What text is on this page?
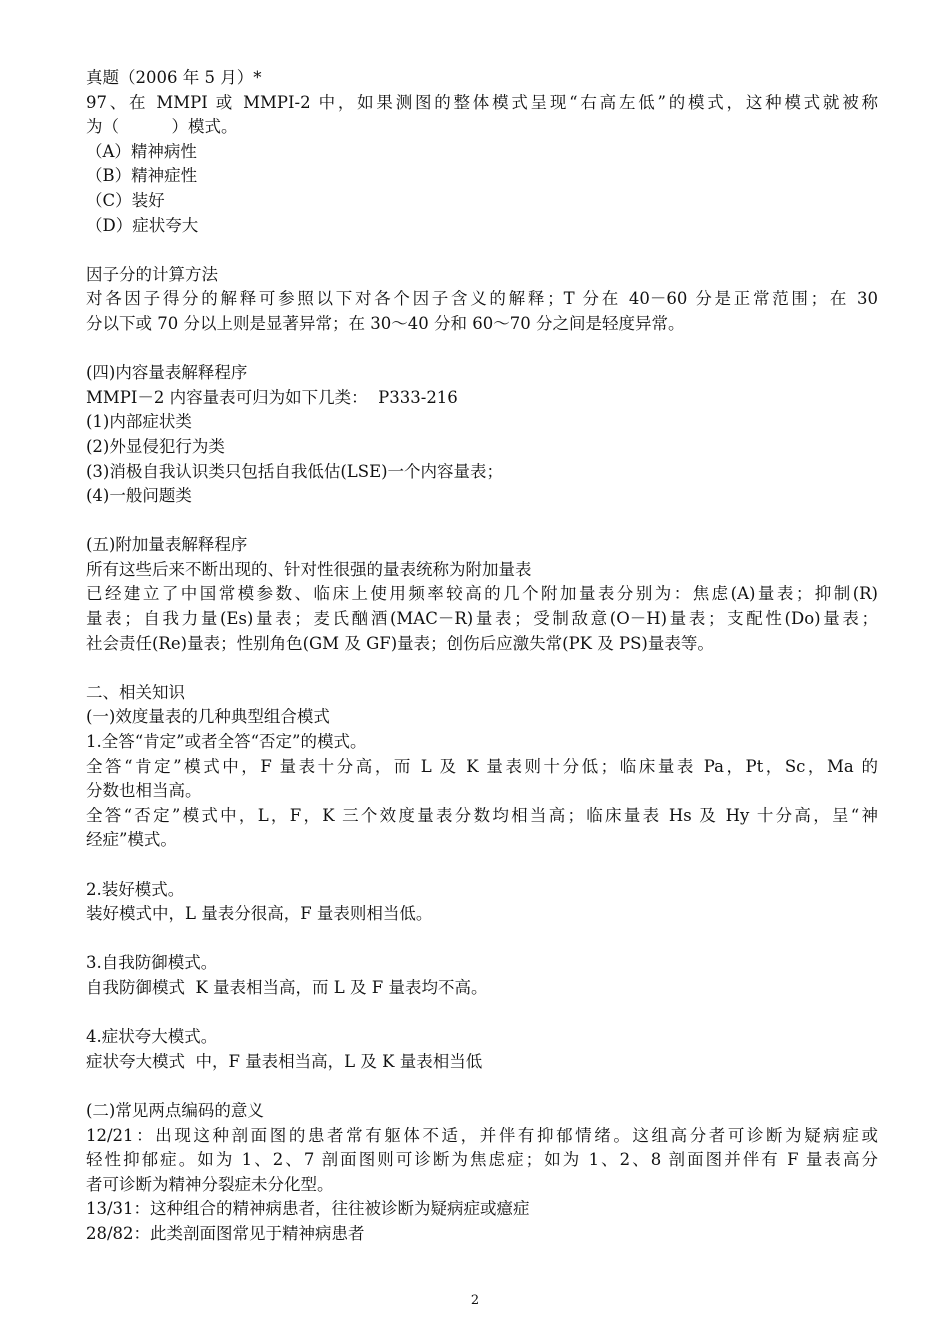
真题（2006 年 5 月）*
97、在 MMPI 或 MMPI-2 中，如果测图的整体模式呈现“右高左低”的模式，这种模式就被称
为（          ）模式。
（A）精神病性
（B）精神症性
（C）装好
（D）症状夸大
因子分的计算方法
对各因子得分的解释可参照以下对各个因子含义的解释；T 分在 40－60 分是正常范围；在 30
分以下或 70 分以上则是显著异常；在 30～40 分和 60～70 分之间是轻度异常。
(四)内容量表解释程序
MMPI－2 内容量表可归为如下几类：  P333-216
(1)内部症状类
(2)外显侵犯行为类
(3)消极自我认识类只包括自我低估(LSE)一个内容量表；
(4)一般问题类
(五)附加量表解释程序
所有这些后来不断出现的、针对性很强的量表统称为附加量表
已经建立了中国常模参数、临床上使用频率较高的几个附加量表分别为：焦虑(A)量表；抑制(R)
量表；自我力量(Es)量表；麦氏酗酒(MAC－R)量表；受制敌意(O－H)量表；支配性(Do)量表；
社会责任(Re)量表；性别角色(GM 及 GF)量表；创伤后应激失常(PK 及 PS)量表等。
二、相关知识
(一)效度量表的几种典型组合模式
1.全答“肯定”或者全答“否定”的模式。
全答“肯定”模式中，F 量表十分高，而 L 及 K 量表则十分低；临床量表 Pa，Pt，Sc，Ma 的
分数也相当高。
全答“否定”模式中，L，F，K 三个效度量表分数均相当高；临床量表 Hs 及 Hy 十分高，呈“神
经症”模式。
2.装好模式。
装好模式中，L 量表分很高，F 量表则相当低。
3.自我防御模式。
自我防御模式  K 量表相当高，而 L 及 F 量表均不高。
4.症状夸大模式。
症状夸大模式  中，F 量表相当高，L 及 K 量表相当低
(二)常见两点编码的意义
12/21：出现这种剖面图的患者常有躯体不适，并伴有抑郁情绪。这组高分者可诊断为疑病症或
轻性抑郁症。如为 1、2、7 剖面图则可诊断为焦虑症；如为 1、2、8 剖面图并伴有 F 量表高分
者可诊断为精神分裂症未分化型。
13/31：这种组合的精神病患者，往往被诊断为疑病症或癔症
28/82：此类剖面图常见于精神病患者
2
